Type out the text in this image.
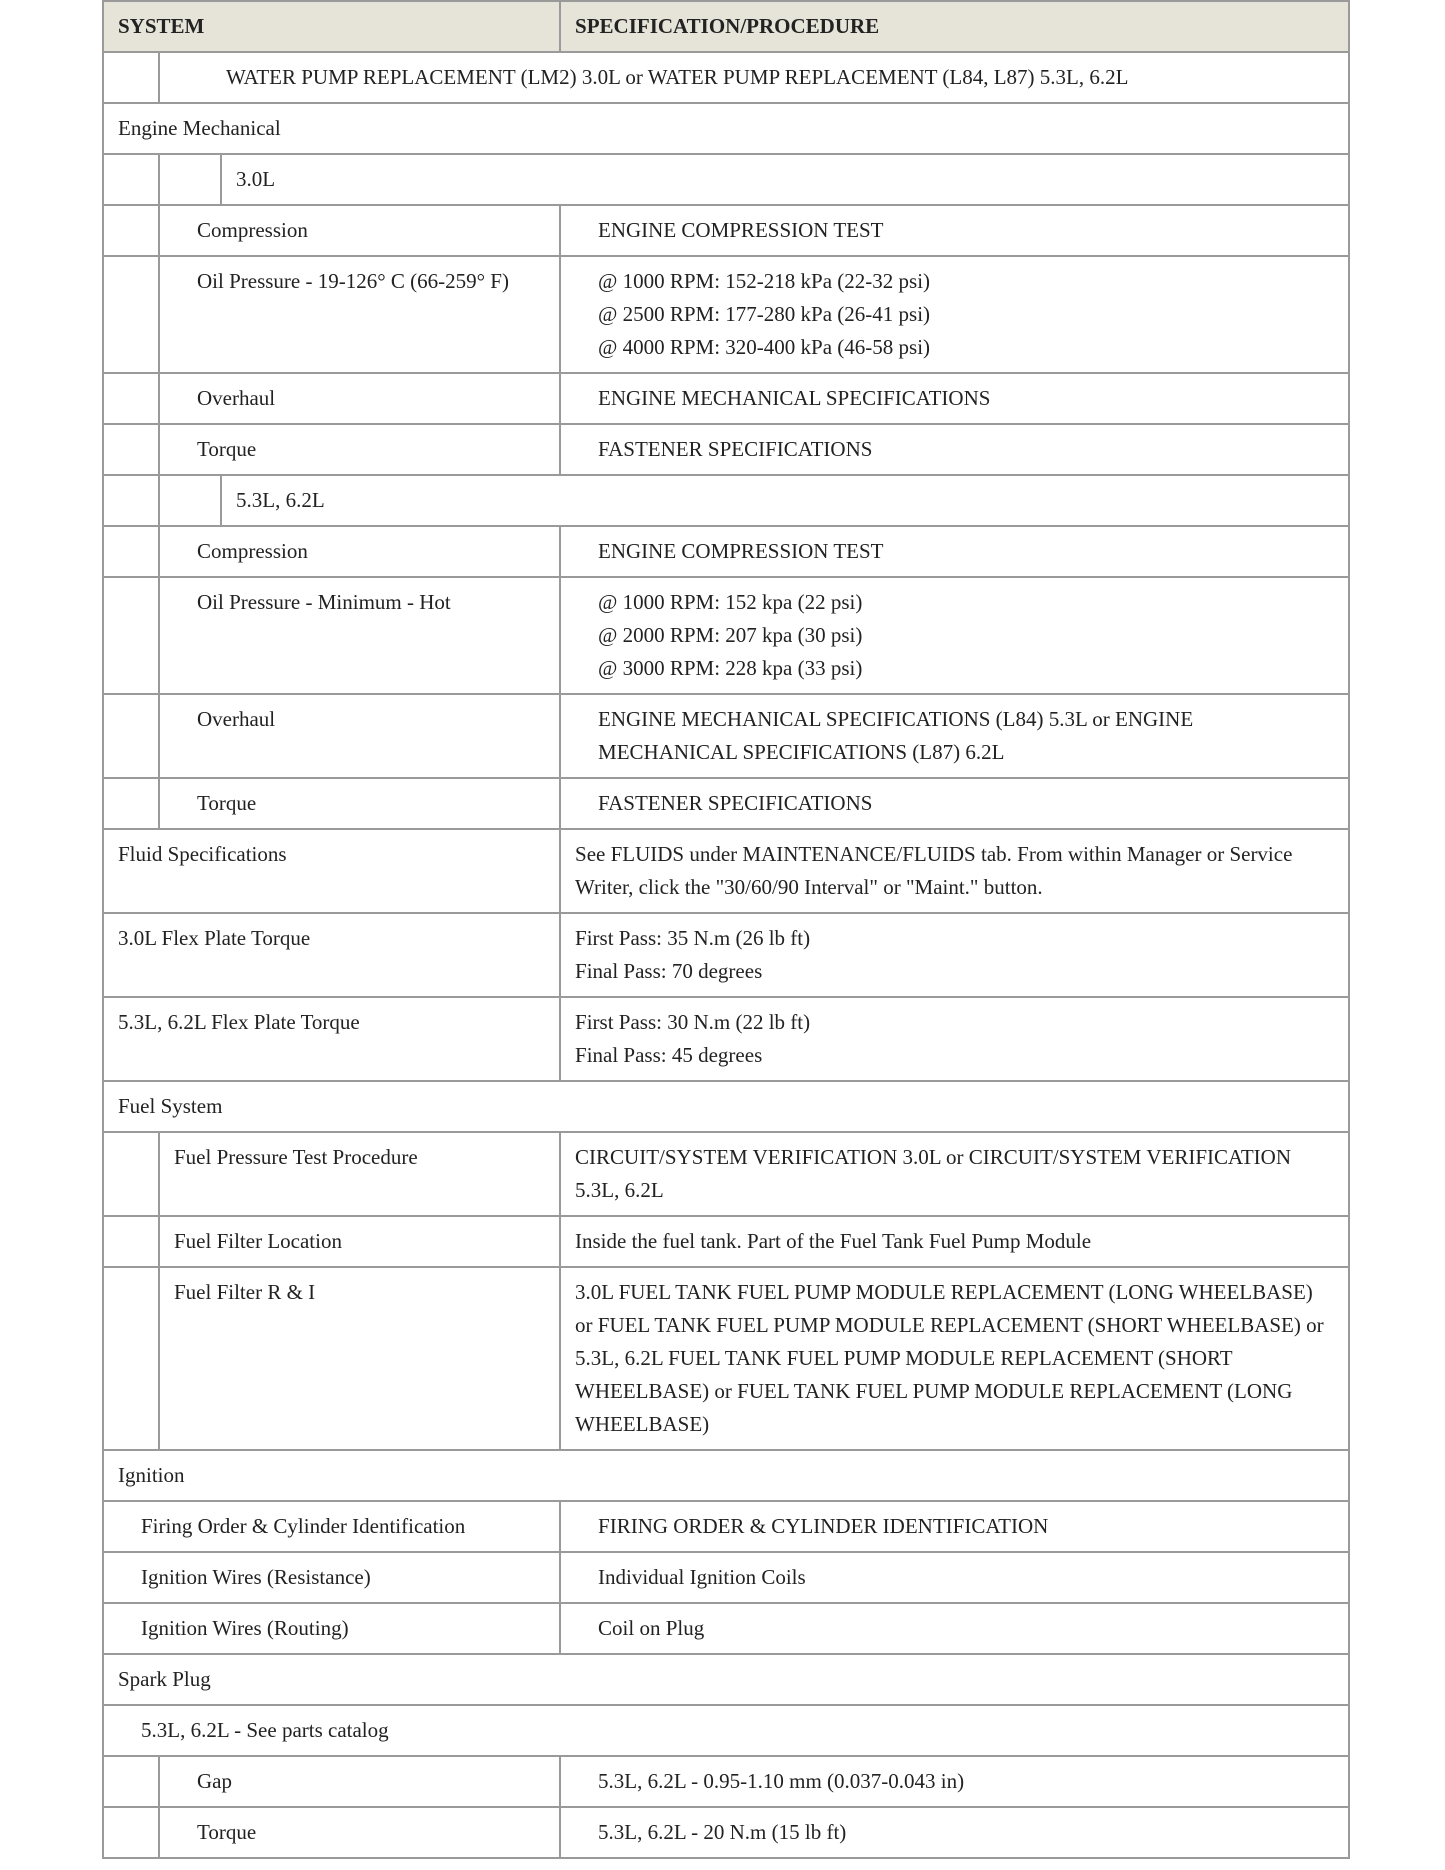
SYSTEM			SPECIFICATION/PROCEDURE
	WATER PUMP REPLACEMENT (LM2) 3.0L or WATER PUMP REPLACEMENT (L84, L87) 5.3L, 6.2L		
Engine Mechanical			
		3.0L	
	Compression		ENGINE COMPRESSION TEST
	Oil Pressure - 19-126° C (66-259° F)		@ 1000 RPM: 152-218 kPa (22-32 psi)
@ 2500 RPM: 177-280 kPa (26-41 psi)
@ 4000 RPM: 320-400 kPa (46-58 psi)

	Overhaul		ENGINE MECHANICAL SPECIFICATIONS
	Torque		FASTENER SPECIFICATIONS
		5.3L, 6.2L	
	Compression		ENGINE COMPRESSION TEST
	Oil Pressure - Minimum - Hot		@ 1000 RPM: 152 kpa (22 psi)
@ 2000 RPM: 207 kpa (30 psi)
@ 3000 RPM: 228 kpa (33 psi)

	Overhaul		ENGINE MECHANICAL SPECIFICATIONS (L84) 5.3L or ENGINE MECHANICAL SPECIFICATIONS (L87) 6.2L
	Torque		FASTENER SPECIFICATIONS
Fluid Specifications			See FLUIDS under MAINTENANCE/FLUIDS tab. From within Manager or Service Writer, click the "30/60/90 Interval" or "Maint." button.
3.0L Flex Plate Torque			First Pass: 35 N.m (26 lb ft)
Final Pass: 70 degrees

5.3L, 6.2L Flex Plate Torque			First Pass: 30 N.m (22 lb ft)
Final Pass: 45 degrees

Fuel System			
	Fuel Pressure Test Procedure		CIRCUIT/SYSTEM VERIFICATION 3.0L or CIRCUIT/SYSTEM VERIFICATION 5.3L, 6.2L
	Fuel Filter Location		Inside the fuel tank. Part of the Fuel Tank Fuel Pump Module
	Fuel Filter R & I		3.0L FUEL TANK FUEL PUMP MODULE REPLACEMENT (LONG WHEELBASE) or FUEL TANK FUEL PUMP MODULE REPLACEMENT (SHORT WHEELBASE) or
5.3L, 6.2L FUEL TANK FUEL PUMP MODULE REPLACEMENT (SHORT WHEELBASE) or FUEL TANK FUEL PUMP MODULE REPLACEMENT (LONG WHEELBASE)

Ignition			
Firing Order & Cylinder Identification			FIRING ORDER & CYLINDER IDENTIFICATION
Ignition Wires (Resistance)			Individual Ignition Coils
Ignition Wires (Routing)			Coil on Plug
Spark Plug			
5.3L, 6.2L - See parts catalog			
	Gap		5.3L, 6.2L - 0.95-1.10 mm (0.037-0.043 in)
	Torque		5.3L, 6.2L - 20 N.m (15 lb ft)
